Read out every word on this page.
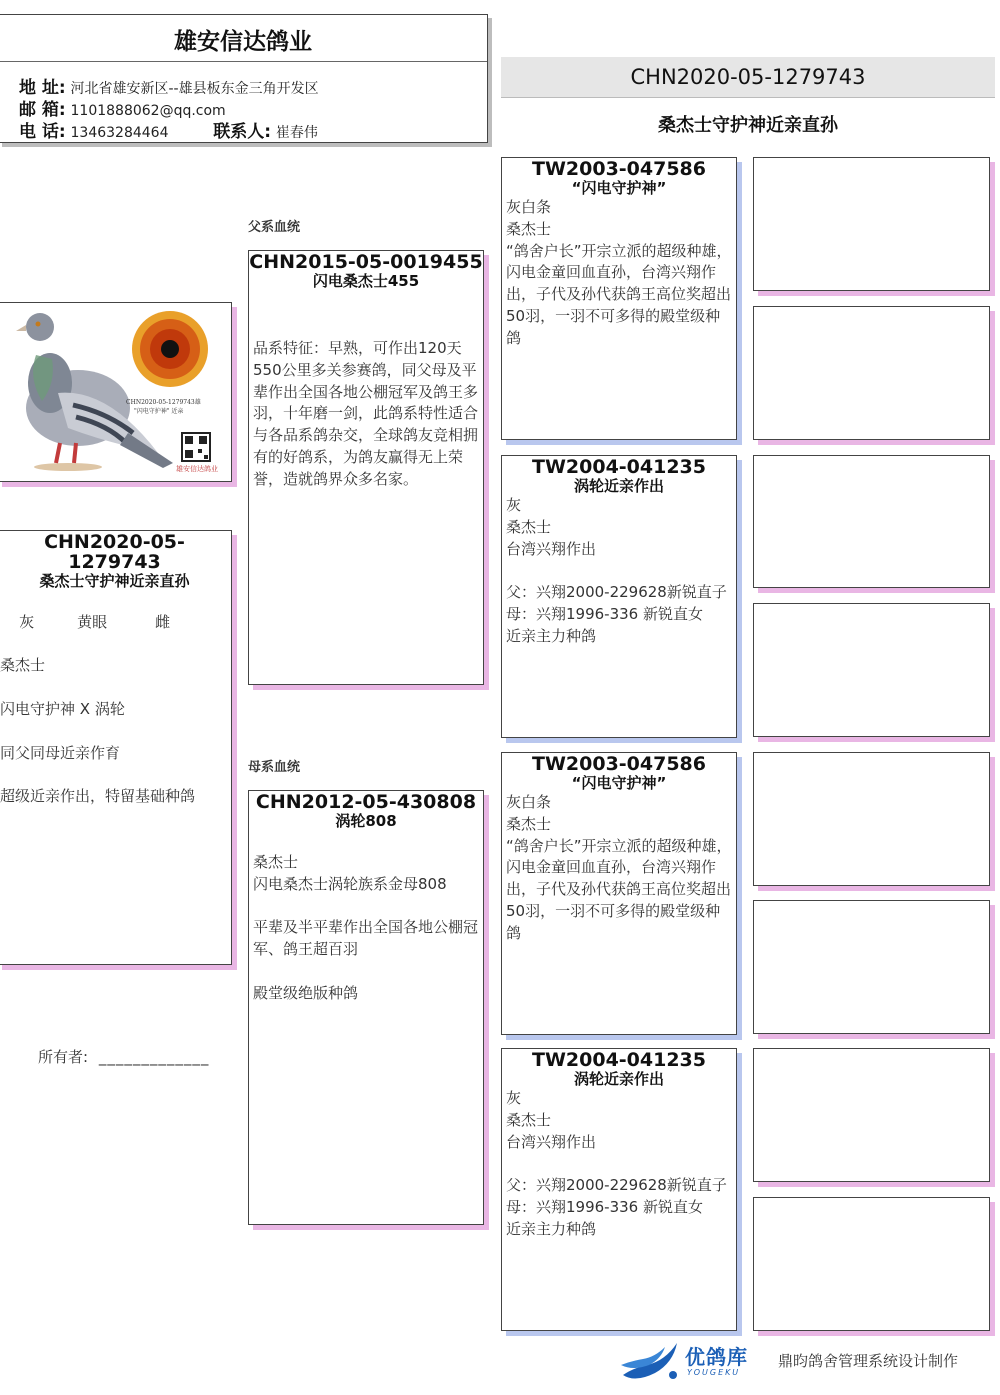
雄安信达鸽业
地 址: 河北省雄安新区--雄县板东金三角开发区
邮 箱: 1101888062@qq.com
电 话: 13463284464	联系人: 崔春伟
CHN2020-05-1279743
桑杰士守护神近亲直孙
父系血统
母系血统
CHN2020-05-1279743雄
"闪电守护神" 近亲
雄安信达鸽业
CHN2020-05-1279743
桑杰士守护神近亲直孙

灰	黄眼	雌

桑杰士
闪电守护神 X 涡轮

同父同母近亲作育

超级近亲作出，特留基础种鸽
所有者: _____________
CHN2015-05-0019455
闪电桑杰士455
品系特征：早熟，可作出120天550公里多关参赛鸽，同父母及平辈作出全国各地公棚冠军及鸽王多羽，十年磨一剑，此鸽系特性适合与各品系鸽杂交，全球鸽友竞相拥有的好鸽系，为鸽友赢得无上荣誉，造就鸽界众多名家。
CHN2012-05-430808
涡轮808
桑杰士
闪电桑杰士涡轮族系金母808

平辈及半平辈作出全国各地公棚冠军、鸽王超百羽

殿堂级绝版种鸽
TW2003-047586
“闪电守护神”
灰白条
桑杰士
“鸽舍户长”开宗立派的超级种雄，闪电金童回血直孙，台湾兴翔作出，子代及孙代获鸽王高位奖超出50羽，一羽不可多得的殿堂级种鸽
TW2004-041235
涡轮近亲作出
灰
桑杰士
台湾兴翔作出

父：兴翔2000-229628新锐直子
母：兴翔1996-336 新锐直女
近亲主力种鸽
TW2003-047586
“闪电守护神”
灰白条
桑杰士
“鸽舍户长”开宗立派的超级种雄，闪电金童回血直孙，台湾兴翔作出，子代及孙代获鸽王高位奖超出50羽，一羽不可多得的殿堂级种鸽
TW2004-041235
涡轮近亲作出
灰
桑杰士
台湾兴翔作出

父：兴翔2000-229628新锐直子
母：兴翔1996-336 新锐直女
近亲主力种鸽
优鸽库
YOUGEKU
鼎昀鸽舍管理系统设计制作
